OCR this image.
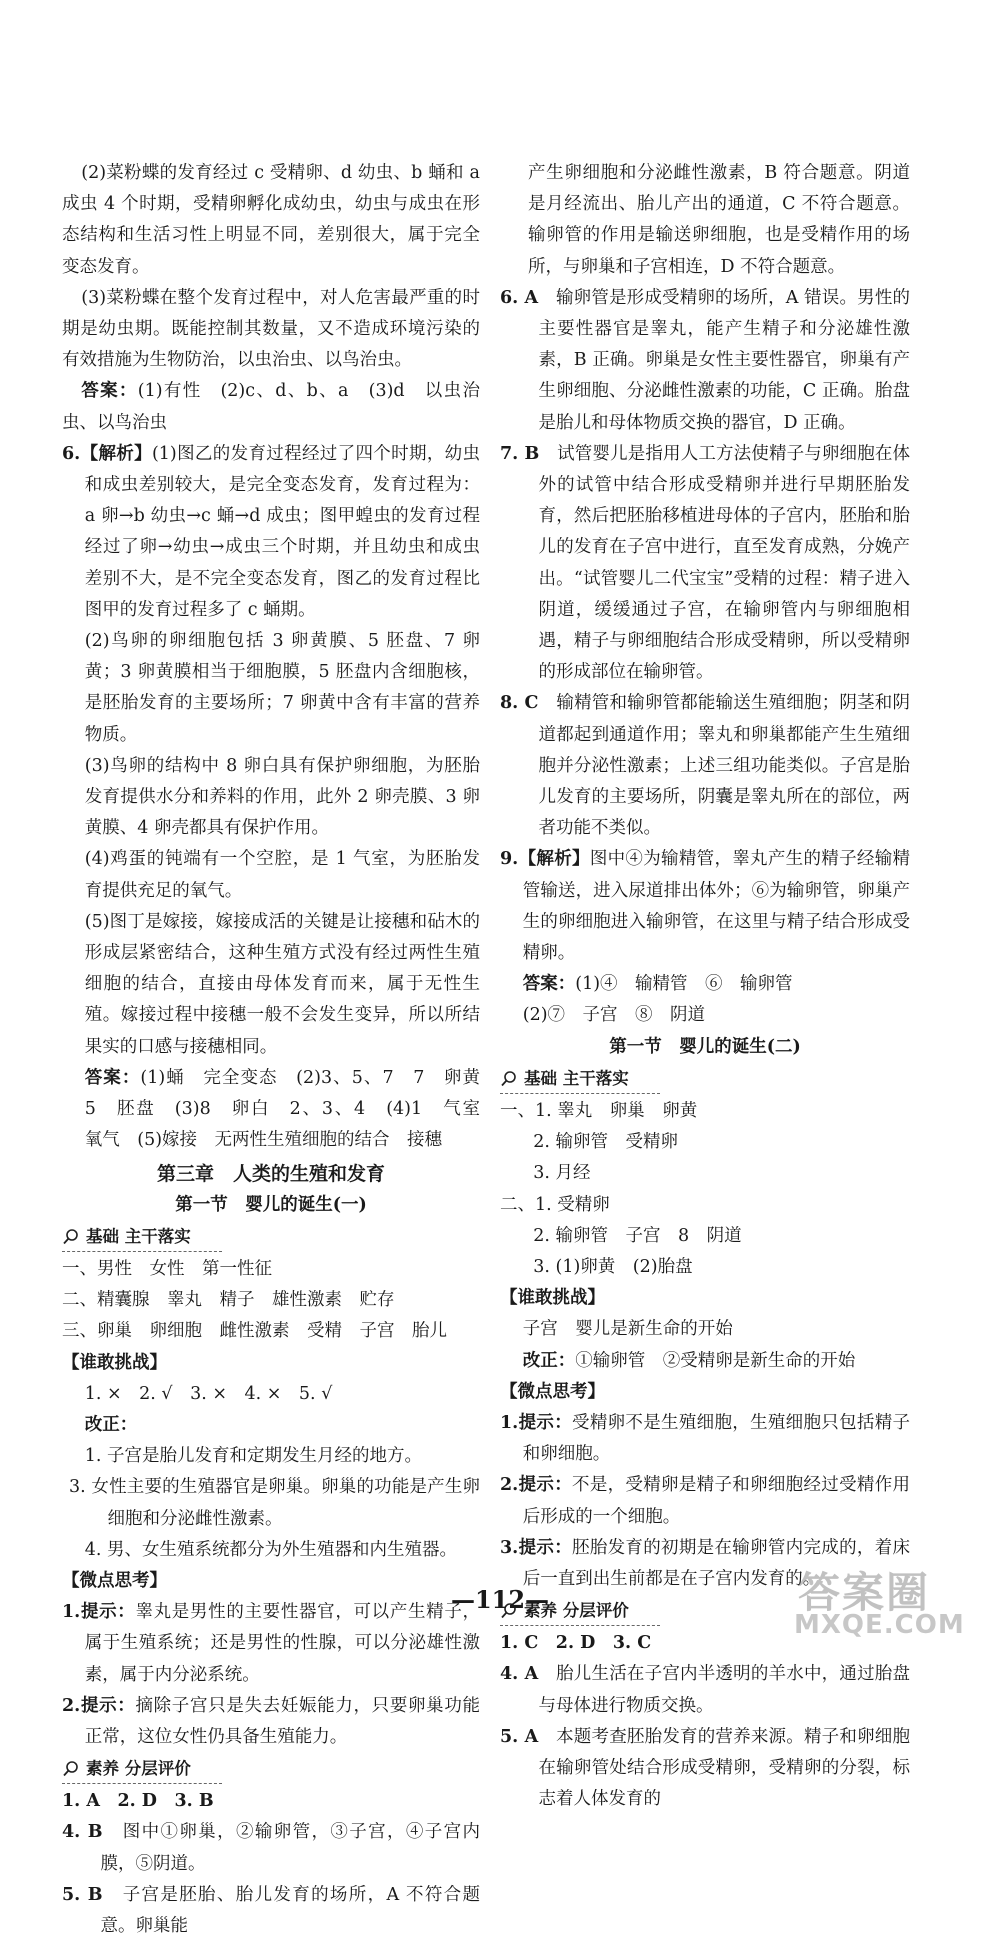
(2)菜粉蝶的发育经过 c 受精卵、d 幼虫、b 蛹和 a 成虫 4 个时期，受精卵孵化成幼虫，幼虫与成虫在形态结构和生活习性上明显不同，差别很大，属于完全变态发育。

(3)菜粉蝶在整个发育过程中，对人危害最严重的时期是幼虫期。既能控制其数量，又不造成环境污染的有效措施为生物防治，以虫治虫、以鸟治虫。

答案：(1)有性　(2)c、d、b、a　(3)d　以虫治虫、以鸟治虫

6.【解析】(1)图乙的发育过程经过了四个时期，幼虫和成虫差别较大，是完全变态发育，发育过程为：a 卵→b 幼虫→c 蛹→d 成虫；图甲蝗虫的发育过程经过了卵→幼虫→成虫三个时期，并且幼虫和成虫差别不大，是不完全变态发育，图乙的发育过程比图甲的发育过程多了 c 蛹期。

(2)鸟卵的卵细胞包括 3 卵黄膜、5 胚盘、7 卵黄；3 卵黄膜相当于细胞膜，5 胚盘内含细胞核，是胚胎发育的主要场所；7 卵黄中含有丰富的营养物质。

(3)鸟卵的结构中 8 卵白具有保护卵细胞，为胚胎发育提供水分和养料的作用，此外 2 卵壳膜、3 卵黄膜、4 卵壳都具有保护作用。

(4)鸡蛋的钝端有一个空腔，是 1 气室，为胚胎发育提供充足的氧气。

(5)图丁是嫁接，嫁接成活的关键是让接穗和砧木的形成层紧密结合，这种生殖方式没有经过两性生殖细胞的结合，直接由母体发育而来，属于无性生殖。嫁接过程中接穗一般不会发生变异，所以所结果实的口感与接穗相同。

答案：(1)蛹　完全变态　(2)3、5、7　7　卵黄　5　胚盘　(3)8　卵白　2、3、4　(4)1　气室　氧气　(5)嫁接　无两性生殖细胞的结合　接穗

第三章　人类的生殖和发育

第一节　婴儿的诞生(一)

基础 主干落实

一、男性　女性　第一性征

二、精囊腺　睾丸　精子　雄性激素　贮存

三、卵巢　卵细胞　雌性激素　受精　子宫　胎儿

【谁敢挑战】

1. ×　2. √　3. ×　4. ×　5. √

改正：

1. 子宫是胎儿发育和定期发生月经的地方。

3. 女性主要的生殖器官是卵巢。卵巢的功能是产生卵细胞和分泌雌性激素。

4. 男、女生殖系统都分为外生殖器和内生殖器。

【微点思考】

1.提示：睾丸是男性的主要性器官，可以产生精子，属于生殖系统；还是男性的性腺，可以分泌雄性激素，属于内分泌系统。

2.提示：摘除子宫只是失去妊娠能力，只要卵巢功能正常，这位女性仍具备生殖能力。

素养 分层评价

1. A　2. D　3. B

4. B　 图中①卵巢，②输卵管，③子宫，④子宫内膜，⑤阴道。

5. B　 子宫是胚胎、胎儿发育的场所，A 不符合题意。卵巢能

产生卵细胞和分泌雌性激素，B 符合题意。阴道是月经流出、胎儿产出的通道，C 不符合题意。输卵管的作用是输送卵细胞，也是受精作用的场所，与卵巢和子宫相连，D 不符合题意。

6. A　 输卵管是形成受精卵的场所，A 错误。男性的主要性器官是睾丸，能产生精子和分泌雄性激素，B 正确。卵巢是女性主要性器官，卵巢有产生卵细胞、分泌雌性激素的功能，C 正确。胎盘是胎儿和母体物质交换的器官，D 正确。

7. B　 试管婴儿是指用人工方法使精子与卵细胞在体外的试管中结合形成受精卵并进行早期胚胎发育，然后把胚胎移植进母体的子宫内，胚胎和胎儿的发育在子宫中进行，直至发育成熟，分娩产出。“试管婴儿二代宝宝”受精的过程：精子进入阴道，缓缓通过子宫，在输卵管内与卵细胞相遇，精子与卵细胞结合形成受精卵，所以受精卵的形成部位在输卵管。

8. C　 输精管和输卵管都能输送生殖细胞；阴茎和阴道都起到通道作用；睾丸和卵巢都能产生生殖细胞并分泌性激素；上述三组功能类似。子宫是胎儿发育的主要场所，阴囊是睾丸所在的部位，两者功能不类似。

9.【解析】图中④为输精管，睾丸产生的精子经输精管输送，进入尿道排出体外；⑥为输卵管，卵巢产生的卵细胞进入输卵管，在这里与精子结合形成受精卵。

答案：(1)④　输精管　⑥　输卵管

(2)⑦　子宫　⑧　阴道

第一节　婴儿的诞生(二)

基础 主干落实

一、1. 睾丸　卵巢　卵黄

2. 输卵管　受精卵

3. 月经

二、1. 受精卵

2. 输卵管　子宫　8　阴道

3. (1)卵黄　(2)胎盘

【谁敢挑战】

子宫　婴儿是新生命的开始

改正：①输卵管　②受精卵是新生命的开始

【微点思考】

1.提示：受精卵不是生殖细胞，生殖细胞只包括精子和卵细胞。

2.提示：不是，受精卵是精子和卵细胞经过受精作用后形成的一个细胞。

3.提示：胚胎发育的初期是在输卵管内完成的，着床后一直到出生前都是在子宫内发育的。

素养 分层评价

1. C　2. D　3. C

4. A　 胎儿生活在子宫内半透明的羊水中，通过胎盘与母体进行物质交换。

5. A　 本题考查胚胎发育的营养来源。精子和卵细胞在输卵管处结合形成受精卵，受精卵的分裂，标志着人体发育的

—112—	答案圈
MXQE.COM
